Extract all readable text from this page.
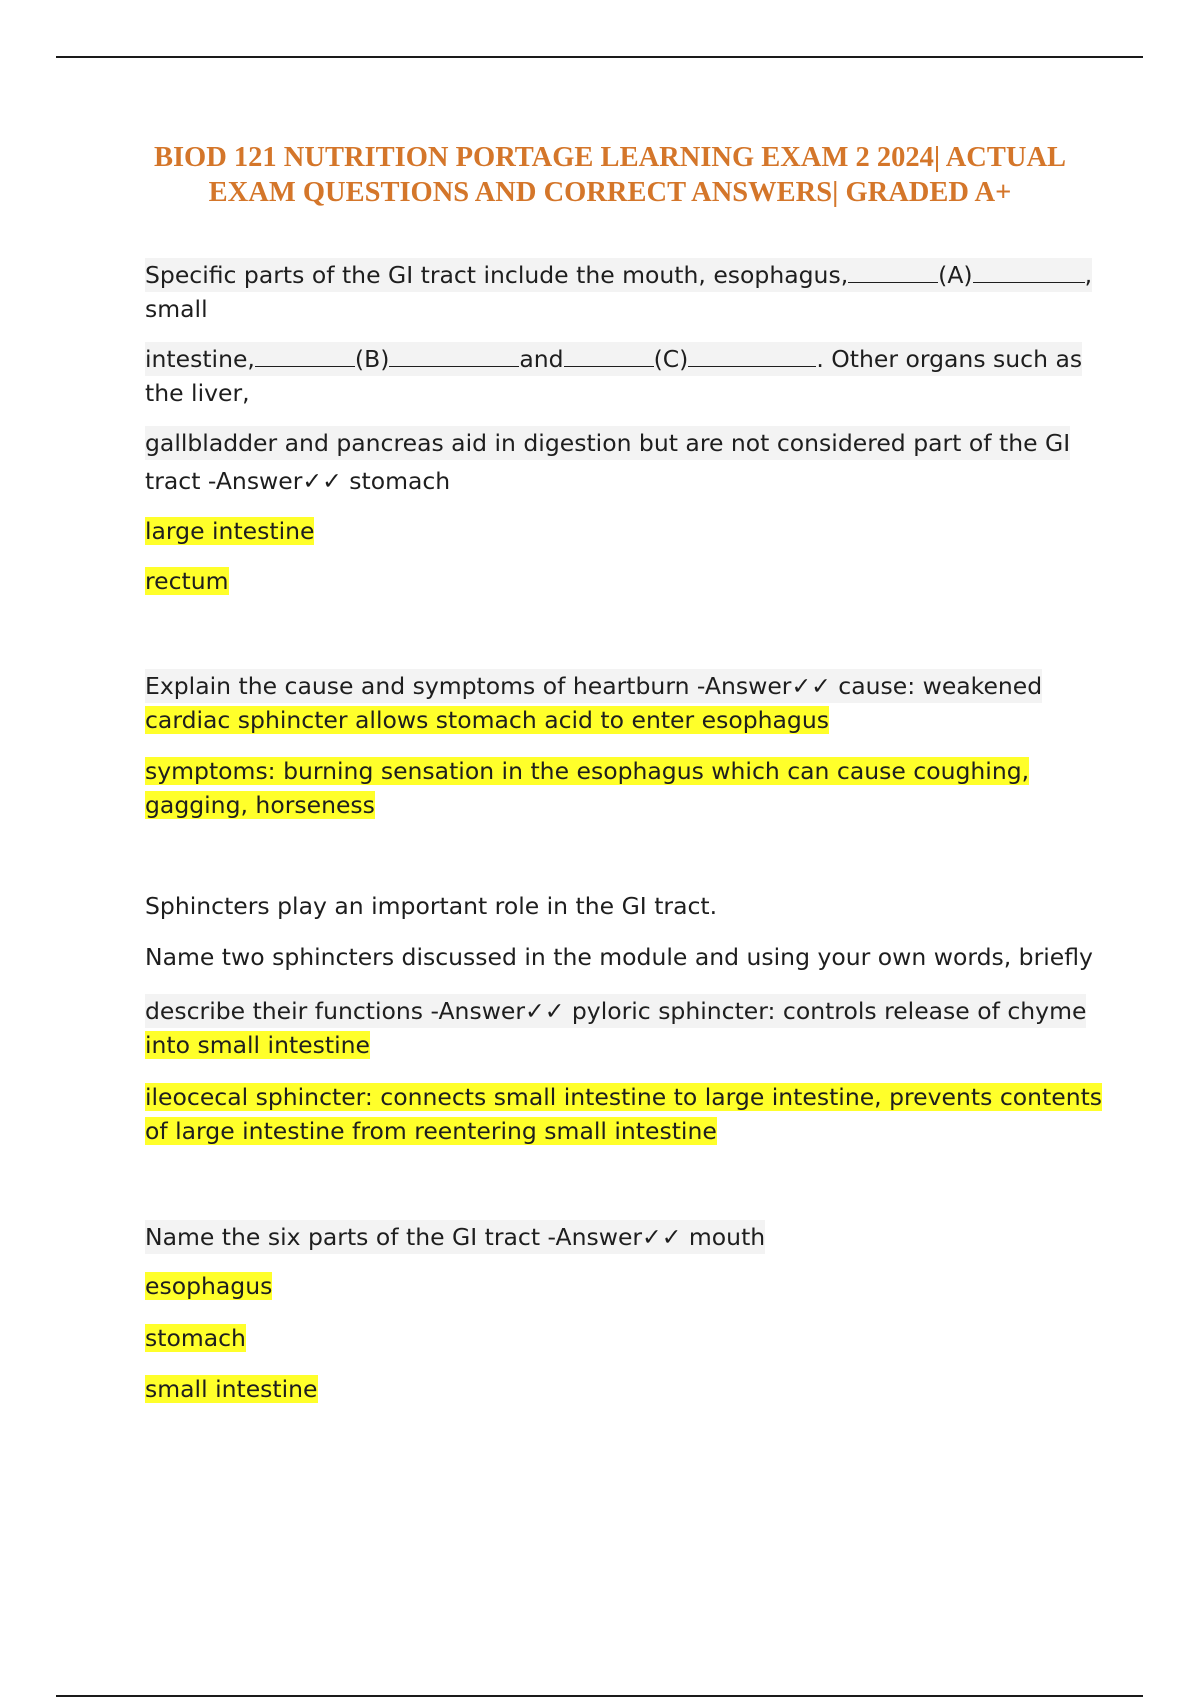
BIOD 121 NUTRITION PORTAGE LEARNING EXAM 2 2024| ACTUAL
EXAM QUESTIONS AND CORRECT ANSWERS| GRADED A+
Specific parts of the GI tract include the mouth, esophagus,	(A)	,
small
intestine,	(B)	and	(C)	. Other organs such as
the liver,
gallbladder and pancreas aid in digestion but are not considered part of the GI
tract -Answer✓✓ stomach
large intestine
rectum
Explain the cause and symptoms of heartburn -Answer✓✓ cause: weakened
cardiac sphincter allows stomach acid to enter esophagus
symptoms: burning sensation in the esophagus which can cause coughing,
gagging, horseness
Sphincters play an important role in the GI tract.
Name two sphincters discussed in the module and using your own words, briefly
describe their functions -Answer✓✓ pyloric sphincter: controls release of chyme
into small intestine
ileocecal sphincter: connects small intestine to large intestine, prevents contents
of large intestine from reentering small intestine
Name the six parts of the GI tract -Answer✓✓ mouth
esophagus
stomach
small intestine
